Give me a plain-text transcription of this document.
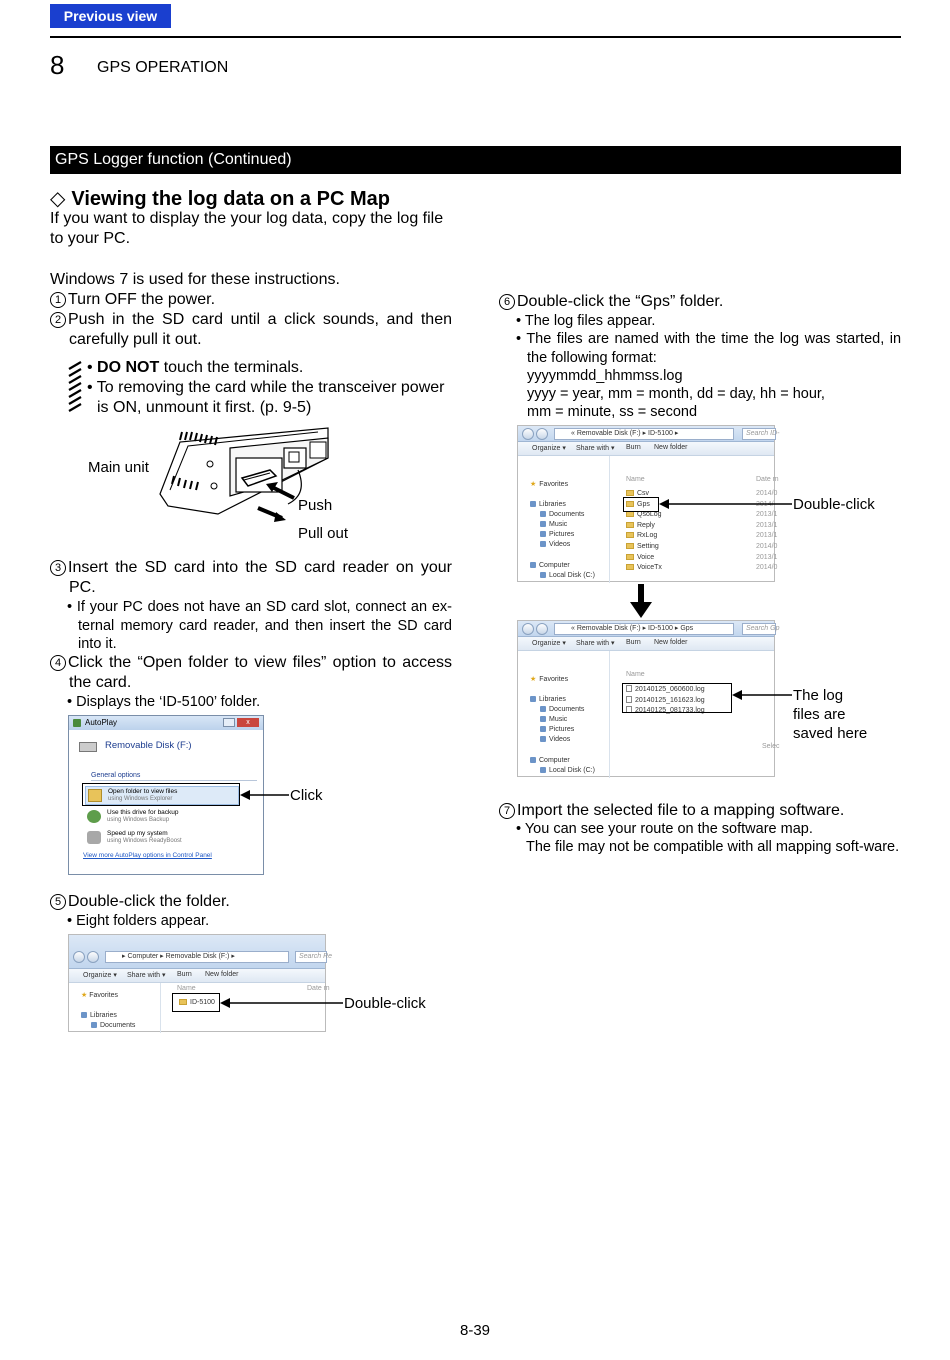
Previous view
8 GPS OPERATION
GPS Logger function (Continued)
◇ Viewing the log data on a PC Map
If you want to display the your log data, copy the log file to your PC.
Windows 7 is used for these instructions.
1 Turn OFF the power.
2 Push in the SD card until a click sounds, and then carefully pull it out.
• DO NOT touch the terminals.
• To removing the card while the transceiver power is ON, unmount it first. (p. 9-5)
Main unit
Push
Pull out
3 Insert the SD card into the SD card reader on your PC.
• If your PC does not have an SD card slot, connect an ex-ternal memory card reader, and then insert the SD card into it.
4 Click the “Open folder to view files” option to access the card.
• Displays the ‘ID-5100’ folder.
AutoPlay	x
Removable Disk (F:)
General options
Open folder to view files
using Windows Explorer
Use this drive for backup
using Windows Backup
Speed up my system
using Windows ReadyBoost
View more AutoPlay options in Control Panel
Click
5 Double-click the folder.
• Eight folders appear.
▸ Computer ▸ Removable Disk (F:) ▸	Search Re
Organize ▾ Share with ▾ Burn New folder
★ Favorites
Libraries
Documents
Name	Date m
ID-5100	Double-click
6 Double-click the “Gps” folder.
• The log files appear.
• The files are named with the time the log was started, in the following format:
yyyymmdd_hhmmss.log
yyyy = year, mm = month, dd = day, hh = hour,
mm = minute, ss = second
« Removable Disk (F:) ▸ ID-5100 ▸	Search ID-
Organize ▾ Share with ▾ Burn New folder
★ Favorites
Libraries
Documents
Music
Pictures
Videos
Computer
Local Disk (C:)
Name	Date m
Csv	2014/0
Gps	2014/
QsoLog	2013/1
Reply	2013/1
RxLog	2013/1
Setting	2014/0
Voice	2013/1
VoiceTx	2014/0
Double-click
« Removable Disk (F:) ▸ ID-5100 ▸ Gps	Search Gp
Organize ▾ Share with ▾ Burn New folder
★ Favorites
Libraries
Documents
Music
Pictures
Videos
Computer
Local Disk (C:)
Name
20140125_060600.log
20140125_161623.log
20140125_081733.log
Selec
The log
files are
saved here
7 Import the selected file to a mapping software.
• You can see your route on the software map.
The file may not be compatible with all mapping soft-ware.
8-39
